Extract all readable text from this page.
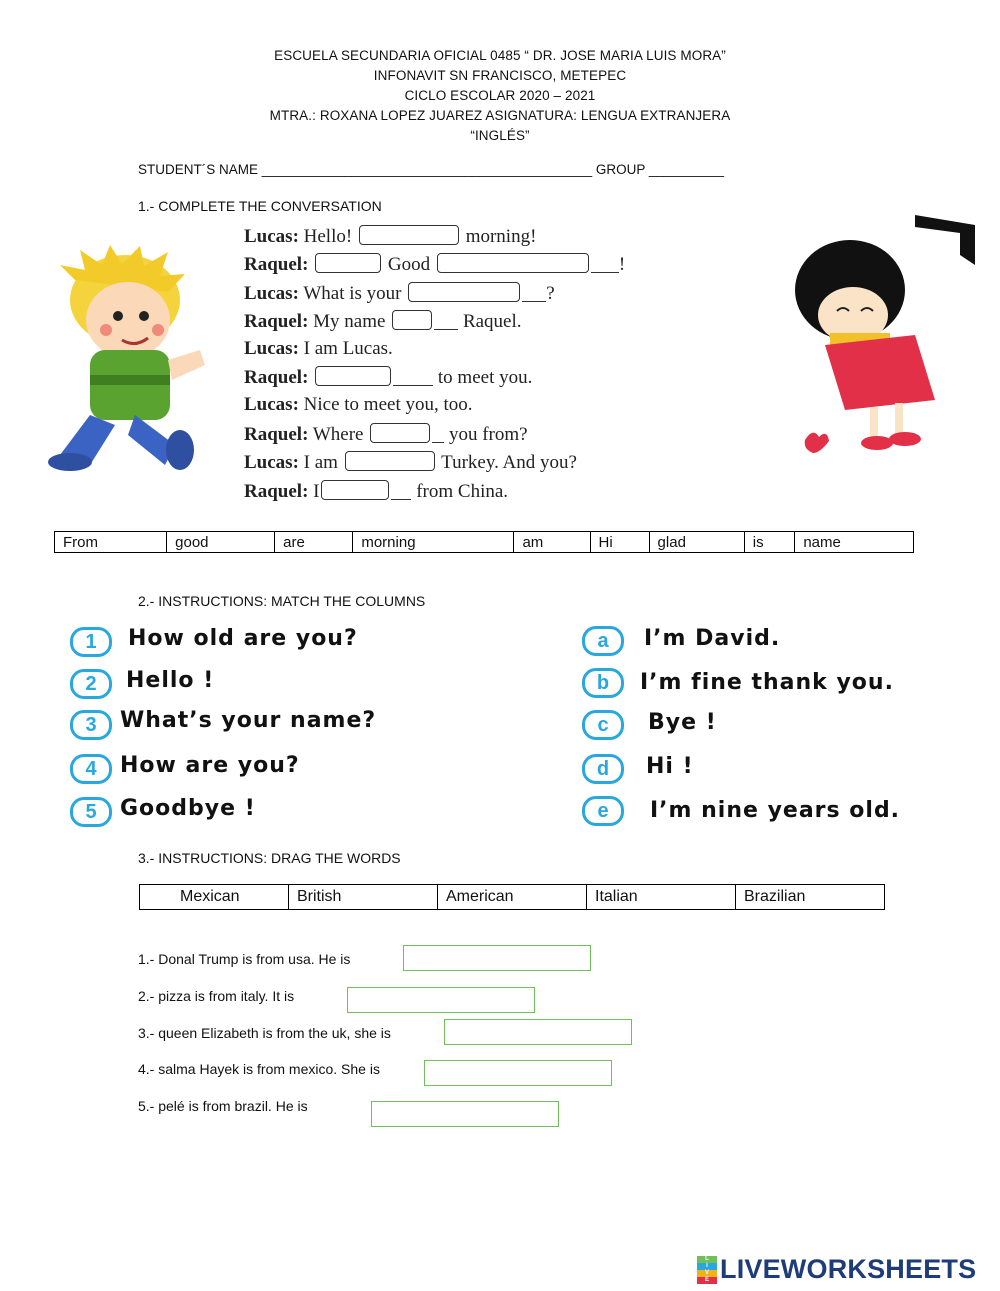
ESCUELA SECUNDARIA OFICIAL 0485 “ DR. JOSE MARIA LUIS MORA”
INFONAVIT SN FRANCISCO, METEPEC
CICLO ESCOLAR 2020 – 2021
MTRA.: ROXANA LOPEZ JUAREZ ASIGNATURA: LENGUA EXTRANJERA
“INGLÉS”
STUDENT´S NAME ____________________________________________ GROUP __________
1.- COMPLETE THE CONVERSATION
Lucas: Hello!	morning!
Raquel:	Good	!
Lucas: What is your	?
Raquel: My name	Raquel.
Lucas: I am Lucas.
Raquel:	to meet you.
Lucas: Nice to meet you, too.
Raquel: Where	you from?
Lucas: I am	Turkey. And you?
Raquel: I	from China.
From	good	are	morning	am	Hi	glad	is	name
2.- INSTRUCTIONS: MATCH THE COLUMNS
1	How old are you?
2	Hello !
3	What’s your name?
4	How are you?
5	Goodbye !
a	I’m David.
b	I’m fine thank you.
c	Bye !
d	Hi !
e	I’m nine years old.
3.- INSTRUCTIONS: DRAG THE WORDS
Mexican	British	American	Italian	Brazilian
1.- Donal Trump is from usa. He is
2.- pizza is from italy. It is
3.- queen Elizabeth is from the uk, she is
4.- salma Hayek is from mexico. She is
5.- pelé is from brazil. He is
L
I
V
E LIVEWORKSHEETS
